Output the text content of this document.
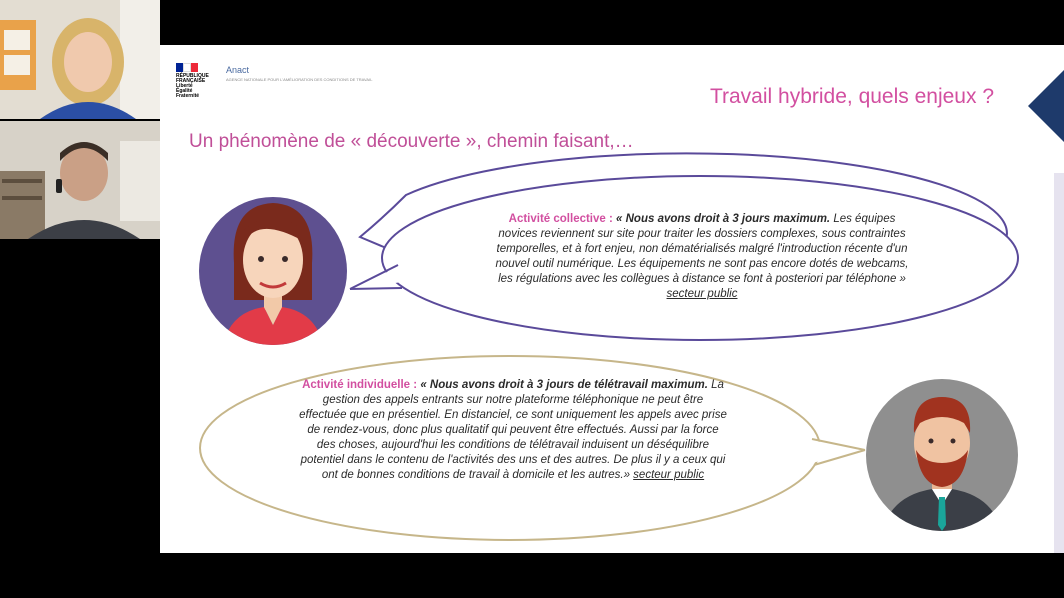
RÉPUBLIQUE
FRANÇAISE
Liberté
Égalité
Fraternité
Anact
AGENCE NATIONALE POUR L'AMÉLIORATION DES CONDITIONS DE TRAVAIL
Travail hybride, quels enjeux ?
Un phénomène de « découverte », chemin faisant,…
Activité collective : « Nous avons droit à 3 jours maximum. Les équipes novices reviennent sur site pour traiter les dossiers complexes, sous contraintes temporelles, et à fort enjeu, non dématérialisés malgré l'introduction récente d'un nouvel outil numérique. Les équipements ne sont pas encore dotés de webcams, les régulations avec les collègues à distance se font à posteriori par téléphone » secteur public
Activité individuelle : « Nous avons droit à 3 jours de télétravail maximum. La gestion des appels entrants sur notre plateforme téléphonique ne peut être effectuée que en présentiel. En distanciel, ce sont uniquement les appels avec prise de rendez-vous, donc plus qualitatif qui peuvent être effectués. Aussi par la force des choses, aujourd'hui les conditions de télétravail induisent un déséquilibre potentiel dans le contenu de l'activités des uns et des autres. De plus il y a ceux qui ont de bonnes conditions de travail à domicile et les autres.» secteur public
